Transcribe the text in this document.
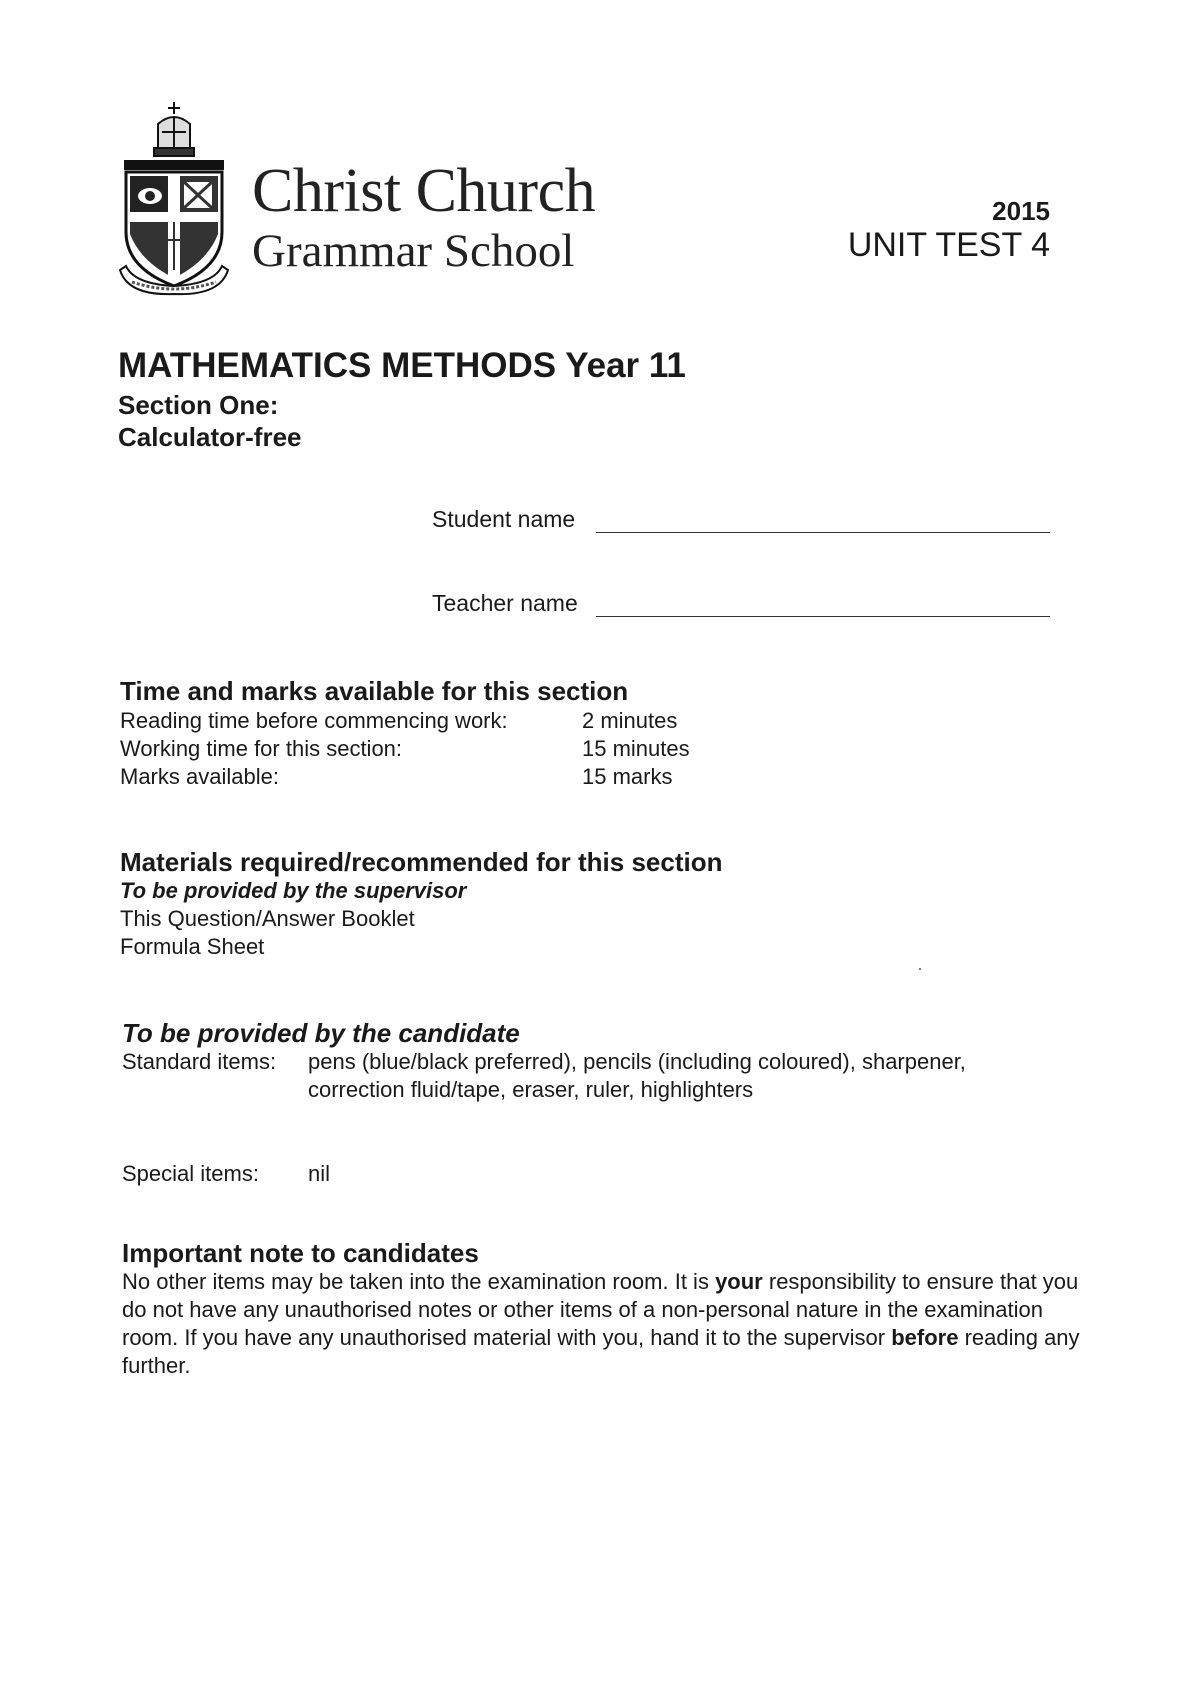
Christ Church
Grammar School
2015
UNIT TEST 4
MATHEMATICS METHODS Year 11
Section One:
Calculator-free
Student name
Teacher name
Time and marks available for this section
Reading time before commencing work:	2 minutes
Working time for this section:	15 minutes
Marks available:	15 marks
Materials required/recommended for this section
To be provided by the supervisor
This Question/Answer Booklet
Formula Sheet
To be provided by the candidate
Standard items: pens (blue/black preferred), pencils (including coloured), sharpener,
correction fluid/tape, eraser, ruler, highlighters
Special items: nil
Important note to candidates
No other items may be taken into the examination room. It is your responsibility to ensure that you do not have any unauthorised notes or other items of a non-personal nature in the examination room. If you have any unauthorised material with you, hand it to the supervisor before reading any further.
